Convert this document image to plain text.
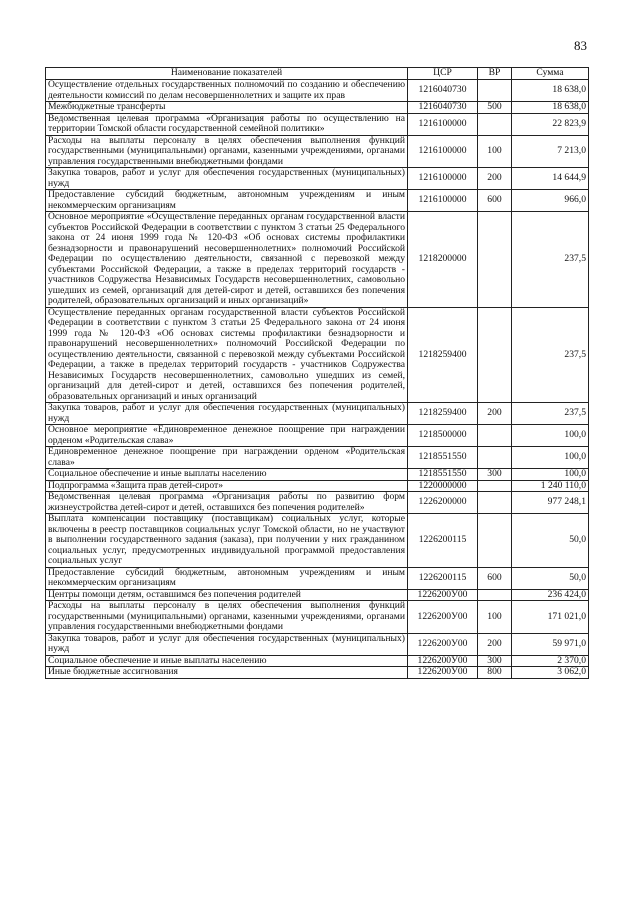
83
Наименование показателей	ЦСР	ВР	Сумма
Осуществление отдельных государственных полномочий по созданию и обеспечению деятельности комиссий по делам несовершеннолетних и защите их прав	1216040730		18 638,0
Межбюджетные трансферты	1216040730	500	18 638,0
Ведомственная целевая программа «Организация работы по осуществлению на территории Томской области государственной семейной политики»	1216100000		22 823,9
Расходы на выплаты персоналу в целях обеспечения выполнения функций государственными (муниципальными) органами, казенными учреждениями, органами управления государственными внебюджетными фондами	1216100000	100	7 213,0
Закупка товаров, работ и услуг для обеспечения государственных (муниципальных) нужд	1216100000	200	14 644,9
Предоставление субсидий бюджетным, автономным учреждениям и иным некоммерческим организациям	1216100000	600	966,0
Основное мероприятие «Осуществление переданных органам государственной власти субъектов Российской Федерации в соответствии с пунктом 3 статьи 25 Федерального закона от 24 июня 1999 года № 120-ФЗ «Об основах системы профилактики безнадзорности и правонарушений несовершеннолетних» полномочий Российской Федерации по осуществлению деятельности, связанной с перевозкой между субъектами Российской Федерации, а также в пределах территорий государств - участников Содружества Независимых Государств несовершеннолетних, самовольно ушедших из семей, организаций для детей-сирот и детей, оставшихся без попечения родителей, образовательных организаций и иных организаций»	1218200000		237,5
Осуществление переданных органам государственной власти субъектов Российской Федерации в соответствии с пунктом 3 статьи 25 Федерального закона от 24 июня 1999 года № 120-ФЗ «Об основах системы профилактики безнадзорности и правонарушений несовершеннолетних» полномочий Российской Федерации по осуществлению деятельности, связанной с перевозкой между субъектами Российской Федерации, а также в пределах территорий государств - участников Содружества Независимых Государств несовершеннолетних, самовольно ушедших из семей, организаций для детей-сирот и детей, оставшихся без попечения родителей, образовательных организаций и иных организаций	1218259400		237,5
Закупка товаров, работ и услуг для обеспечения государственных (муниципальных) нужд	1218259400	200	237,5
Основное мероприятие «Единовременное денежное поощрение при награждении орденом «Родительская слава»	1218500000		100,0
Единовременное денежное поощрение при награждении орденом «Родительская слава»	1218551550		100,0
Социальное обеспечение и иные выплаты населению	1218551550	300	100,0
Подпрограмма «Защита прав детей-сирот»	1220000000		1 240 110,0
Ведомственная целевая программа «Организация работы по развитию форм жизнеустройства детей-сирот и детей, оставшихся без попечения родителей»	1226200000		977 248,1
Выплата компенсации поставщику (поставщикам) социальных услуг, которые включены в реестр поставщиков социальных услуг Томской области, но не участвуют в выполнении государственного задания (заказа), при получении у них гражданином социальных услуг, предусмотренных индивидуальной программой предоставления социальных услуг	1226200115		50,0
Предоставление субсидий бюджетным, автономным учреждениям и иным некоммерческим организациям	1226200115	600	50,0
Центры помощи детям, оставшимся без попечения родителей	1226200У00		236 424,0
Расходы на выплаты персоналу в целях обеспечения выполнения функций государственными (муниципальными) органами, казенными учреждениями, органами управления государственными внебюджетными фондами	1226200У00	100	171 021,0
Закупка товаров, работ и услуг для обеспечения государственных (муниципальных) нужд	1226200У00	200	59 971,0
Социальное обеспечение и иные выплаты населению	1226200У00	300	2 370,0
Иные бюджетные ассигнования	1226200У00	800	3 062,0
